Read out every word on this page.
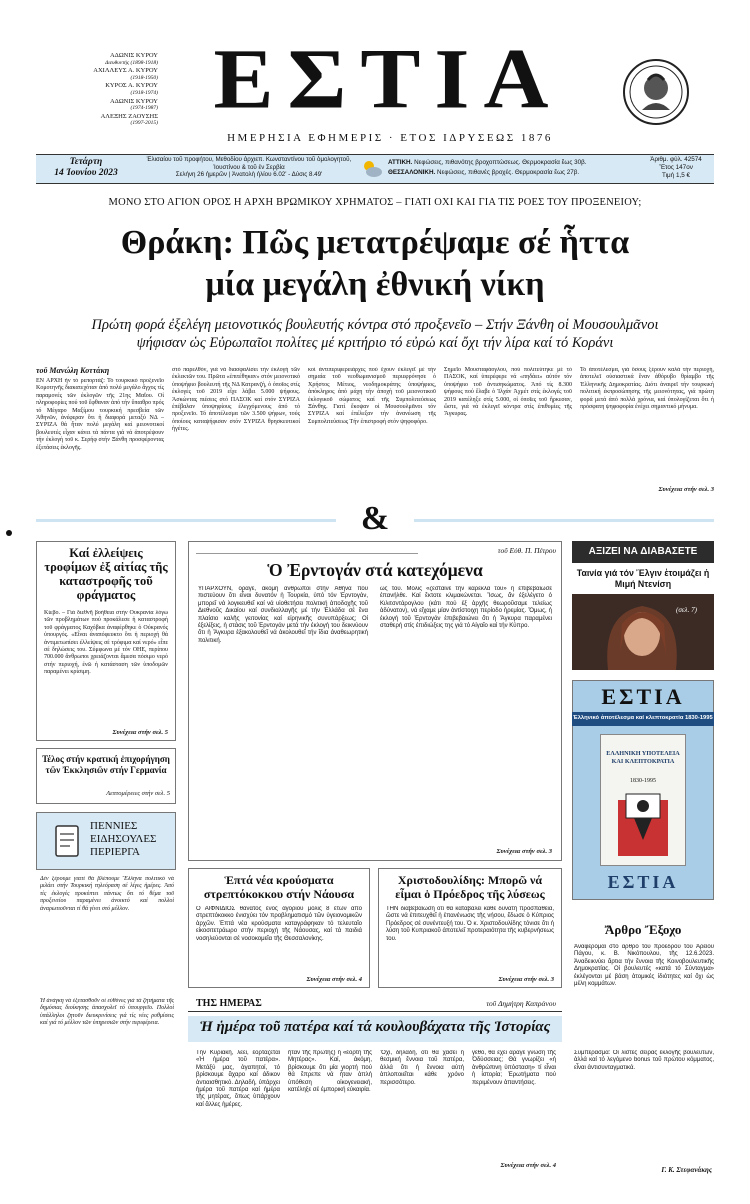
ΑΔΩΝΙΣ ΚΥΡΟΥ
Διευθυντής (1898-1918)
ΑΧΙΛΛΕΥΣ Α. ΚΥΡΟΥ
(1918-1950)
ΚΥΡΟΣ Α. ΚΥΡΟΥ
(1918-1974)
ΑΔΩΝΙΣ ΚΥΡΟΥ
(1974-1987)
ΑΛΕΞΗΣ ΖΑΟΥΣΗΣ
(1997-2015) ΕΣΤΙΑ
ΗΜΕΡΗΣΙΑ ΕΦΗΜΕΡΙΣ · ΕΤΟΣ ΙΔΡΥΣΕΩΣ 1876
Τετάρτη
14 Ἰουνίου 2023
Ἑλισαίου τοῦ προφήτου, Μεθοδίου ἀρχιεπ. Κωνσταντίνου τοῦ ὁμολογητοῦ, Ἰουστίνου & τοῦ ἐν Σερβία
Σελήνη 26 ἡμερῶν | Ἀνατολὴ ἡλίου 6.02' - Δύσις 8.49'
ΑΤΤΙΚΗ. Νεφώσεις, πιθανότης βροχοπτώσεως. Θερμοκρασία ἕως 30β.
ΘΕΣΣΑΛΟΝΙΚΗ. Νεφώσεις, πιθανές βροχές. Θερμοκρασία ἕως 27β.
Ἀριθμ. φύλ. 42574
Ἔτος 147ον
Τιμή 1,5 €
ΜΟΝΟ ΣΤΟ ΑΓΙΟΝ ΟΡΟΣ Η ΑΡΧΗ ΒΡΩΜΙΚΟΥ ΧΡΗΜΑΤΟΣ – ΓΙΑΤΙ ΟΧΙ ΚΑΙ ΓΙΑ ΤΙΣ ΡΟΕΣ ΤΟΥ ΠΡΟΞΕΝΕΙΟΥ;
Θράκη: Πῶς μετατρέψαμε σέ ἧττα
μία μεγάλη ἐθνική νίκη
Πρώτη φορά ἐξελέγη μειονοτικός βουλευτής κόντρα στό προξενεῖο – Στήν Ξάνθη οἱ Μουσουλμᾶνοι ψήφισαν ὡς Εὐρωπαῖοι πολίτες μέ κριτήριο τό εὐρώ καί ὄχι τήν λίρα καί τό Κοράνι
τοῦ Μανώλη Κοττάκη
ΕΝ ΑΡΧΗ ἦν τό ρεπορτάζ: Τό τουρκικό προξενεῖο Κομοτηνῆς διακατεχόταν ἀπό πολύ μεγάλο ἄγχος τίς παραμονές τῶν ἐκλογῶν τῆς 21ης Μαΐου. Οἱ πληροφορίες πού τοῦ ἔφθαναν ἀπό τήν ὕπαιθρο πρός τό Μέγαρο Μαξίμου τουρκική πρεσβεία τῶν Ἀθηνῶν, ἀνέφεραν ὅτι ἡ διαφορά μεταξύ ΝΔ – ΣΥΡΙΖΑ θά ἦταν πολύ μεγάλη καί μειονοτικοί βουλευτές εἶχαν κάνει τά πάντα γιά νά ἀποτρέψουν τήν ἐκλογή τοῦ κ. Σερήφ στήν Ξάνθη προσφέροντας ἐξετάσεις ἐκλογῆς.
στό παρελθόν, γιά νά διασφαλίσει τήν ἐκλογή τῶν ἐκλεκτῶν του. Πρῶτα «ἐπιτέθηκαν» στόν μειονοτικό ὑποψήφιο βουλευτή τῆς ΝΔ Κατρανζή, ὁ ὁποῖος στίς ἐκλογές τοῦ 2019 εἶχε λάβει 5.000 ψήφους. Ἀσκώντας πιέσεις στό ΠΑΣΟΚ καί στόν ΣΥΡΙΖΑ ἐπέβαλαν ὑποψηφίους ἐλεγχόμενους ἀπό τό προξενεῖο. Τό ἀποτέλεσμα τῶν 3.500 ψήφων, τούς ὁποίους καταψήφισαν στόν ΣΥΡΙΖΑ θρησκευτικοί ἡγέτες.
κοί ἀντιπεριφερειάρχες πού ἔχουν ἐκλεγεῖ μέ τήν σημαία τοῦ νεοθωμανισμοῦ περιεφρόνησε ὁ Χρήστος Μέτιος, νεοδημοκράτης ὑποψήφιος, ἀπόκληρος ἀπό μάχη τήν ἀποχή τοῦ μειονοτικοῦ ἐκλογικοῦ σώματος καί τῆς Συμπολιτεύσεως Ξάνθης. Γιατί ἔκοψαν οἱ Μουσουλμᾶνοι τόν ΣΥΡΙΖΑ καί ἐπέλεξαν τήν ἀνανέωση τῆς Συμπολιτεύσεως Τήν ἐπιστροφή στόν ψηφοφόρο.
Σημεῖο Μουσταφάογλου, πού πολιτεύτηκε μέ τό ΠΑΣΟΚ, καί ὑπερέφερε νά «πηδάει» αὐτόν τόν ὑποψήφιο τοῦ ἀντισηκώματος. Ἀπό τίς 8.300 ψήφους πού ἔλαβε ὁ Ἰλχάν Ἀχμέτ στίς ἐκλογές τοῦ 2019 κατέληξε στίς 5.000, οἱ ὁποῖες τοῦ ἤρκεσαν, ὥστε, γιά νά ἐκλεγεῖ κόντρα στίς ἐπιθυμίες τῆς Ἄγκυρας.
Τό ἀποτέλεσμα, γιά ὅσους ξέρουν καλά τήν περιοχή, ἀποτελεῖ οὐσιαστικά ἕναν ἀθόρυβο θρίαμβο τῆς Ἑλληνικῆς Δημοκρατίας. Διότι ἀναιρεῖ τήν τουρκική πολιτική ἐκπροσώπησης τῆς μειονότητας, γιά πρώτη φορά μετά ἀπό πολλά χρόνια, καί ὑπολογίζεται ὅτι ἡ πρόσφατη ψηφοφορία ἐνέχει σημαντικό μήνυμα.
Συνέχεια στήν σελ. 3
&
Καί ἐλλείψεις τροφίμων ἐξ αἰτίας τῆς καταστροφῆς τοῦ φράγματος
Κίεβο. – Γιά διεθνῆ βοήθεια στήν Ουκρανία λόγω τῶν προβλημάτων πού προκάλεσε ἡ καταστροφή τοῦ φράγματος Καχόβκα ἀναφέρθηκε ὁ Οὐκρανός ὑπουργός. «Εἶναι ἀναπόφευκτο ὅτι ἡ περιοχή θά ἀντιμετωπίσει ἐλλείψεις σέ τρόφιμα καί νερό» εἶπε σέ δηλώσεις του. Σύμφωνα μέ τόν ΟΗΕ, περίπου 700.000 ἄνθρωποι χρειάζονται ἄμεσα πόσιμο νερό στήν περιοχή, ἐνῶ ἡ κατάσταση τῶν ὑποδομῶν παραμένει κρίσιμη.
Συνέχεια στήν σελ. 5
Τέλος στήν κρατική ἐπιχορήγηση τῶν Ἐκκλησιῶν στήν Γερμανία
Λεπτομέρειες στήν σελ. 5
ΠΕΝΝΙΕΣ ΕΙΔΗΣΟΥΛΕΣ ΠΕΡΙΕΡΓΑ
Δέν ξέρουμε γιατί θά βλέπουμε Ἕλληνα πολιτικό νά μιλάει στήν Τουρκική τηλεόραση σέ λίγες ἡμέρες. Ἀπό τίς ἐκλογές προκύπτει πάντως ὅτι τό θέμα τοῦ προξενείου παραμένει ἀνοικτό καί πολλοί ἀναρωτιοῦνται τί θά γίνει στό μέλλον.
Ἡ ἀνάγκη νά ἐξετασθοῦν οἱ εὐθύνες γιά τά ζητήματα τῆς δημόσιας διοίκησης ἀπασχολεῖ τό ὑπουργεῖο. Πολλοί ὑπάλληλοι ζητοῦν διευκρινίσεις γιά τίς νέες ρυθμίσεις καί γιά τό μέλλον τῶν ὑπηρεσιῶν στήν περιφέρεια.
τοῦ Εὐθ. Π. Πέτρου
Ὁ Ἐρντογάν στά κατεχόμενα
ΥΠΑΡΧΟΥΝ, ὅραγε, ἀκόμη ἄνθρωποι στήν Ἀθήνα πού πιστεύουν ὅτι εἶναι δυνατόν ἡ Τουρκία, ὑπό τόν Ἐρντογάν, μπορεῖ νά λογικευθεῖ καί νά υἱοθετήσει πολιτική ἀποδοχῆς τοῦ Διεθνοῦς Δικαίου καί συνδιαλλαγῆς μέ τήν Ἑλλάδα σέ ἕνα πλαίσιο καλῆς γειτονίας καί εἰρηνικῆς συνυπάρξεως; Οἱ ἐξελίξεις, ἡ στάσις τοῦ Ἐρντογάν μετά τήν ἐκλογή του δεικνύουν ὅτι ἡ Ἄγκυρα ἐξακολουθεῖ νά ἀκολουθεῖ τήν ἴδια ἀναθεωρητική πολιτική.
ὡς τοῦ. Μόλις «ζέσταινε τήν καρέκλα του» ἡ ἐπιβεβαίωσε ἐπανήλθε. Καί ἔκτοτε κλιμακώνεται. Ἴσως, ἄν ἐξελέγετο ὁ Κιλιτσντάρογλου (κάτι πού ἐξ ἀρχῆς θεωροῦσαμε τελείως ἀδύνατον), νά εἴχαμε μίαν ἀντίστοιχη περίοδο ἠρεμίας. Ὅμως, ἡ ἐκλογή τοῦ Ἐρντογάν ἐπιβεβαιώνει ὅτι ἡ Ἄγκυρα παραμένει σταθερή στίς ἐπιδιώξεις της γιά τό Αἰγαῖο καί τήν Κύπρο.
Συνέχεια στήν σελ. 3
Ἑπτά νέα κρούσματα στρεπτόκοκκου στήν Νάουσα
Ο ΑΙΦΝΙΔΙΟΣ θάνατος ἑνός ἀγοριοῦ μόλις 8 ἐτῶν ἀπό στρεπτόκοκκο ἐνισχύει τόν προβληματισμό τῶν ὑγειονομικῶν ἀρχῶν. Ἐπτά νέα κρούσματα καταγράφηκαν τό τελευταῖο εἰκοσιτετράωρο στήν περιοχή τῆς Νάουσας, καί τά παιδιά νοσηλεύονται σέ νοσοκομεῖα τῆς Θεσσαλονίκης.
Συνέχεια στήν σελ. 4
Χριστοδουλίδης: Μπορῶ νά εἶμαι ὁ Πρόεδρος τῆς λύσεως
ΤΗΝ διαβεβαίωση ὅτι θά καταβάλει κάθε δυνατή προσπάθεια, ὥστε νά ἐπιτευχθεῖ ἡ ἐπανένωσις τῆς νήσου, ἔδωσε ὁ Κύπριος Πρόεδρος σέ συνέντευξή του. Ὁ κ. Χριστοδουλίδης τόνισε ὅτι ἡ λύση τοῦ Κυπριακοῦ ἀποτελεῖ προτεραιότητα τῆς κυβερνήσεως του.
Συνέχεια στήν σελ. 3
ΤΗΣ ΗΜΕΡΑΣ	τοῦ Δημήτρη Καπράνου
Ἡ ἡμέρα τοῦ πατέρα καί τά κουλουβάχατα τῆς Ἱστορίας
Τήν Κυριακή, λέει, ἑορτάζεται «Ἡ ἡμέρα τοῦ πατέρα». Μετάξύ μας, ἀγαπητοί, τό βρίσκουμε ἄχαρο καί ἀδικον ἀντιαισθητικό. Δηλαδή, ὑπάρχει ἡμέρα τοῦ πατέρα καί ἡμέρα τῆς μητέρας, ὅπως ὑπάρχουν καί ἄλλες ἡμέρες.
ἦταν τῆς πρώτης) ἡ «ἑορτή τῆς Μητέρας». Καί, ἀκόμη, βρίσκουμε ὅτι μία γιορτή πού θά ἔπρεπε νά ἦταν ἁπλή ὑπόθεση οἰκογενειακή, κατέληξε σέ ἐμπορική εὐκαιρία.
Ὄχι, δηλαδή, ὅτι θά χάσει ἡ θεσμική ἔννοια τοῦ πατέρα, ἀλλά ὅτι ἡ ἔννοια αὐτή ἀπλοποιεῖται κάθε χρόνο περισσότερο.
γεθο, θά ἔχει ἄραγε γνώση τῆς Ὀδύσσειας; Θά γνωρίζει «ἡ ἀνθρώπινη ὑπόσταση» τί εἶναι ἡ ἱστορία; Ἐρωτήματα πού περιμένουν ἀπαντήσεις.
Συνέχεια στήν σελ. 4
ΑΞΙΖΕΙ ΝΑ ΔΙΑΒΑΣΕΤΕ
Ταινία γιά τόν Ἔλγιν ἑτοιμάζει ἡ Μιμή Ντενίση
(σελ. 7)
ΕΣΤΙΑ
Ἑλληνικό ἀποτέλεσμα καί κλεπτοκρατία 1830-1995
ΕΛΛΗΝΙΚΗ ΥΠΟΤΕΛΕΙΑ ΚΑΙ ΚΛΕΠΤΟΚΡΑΤΙΑ
1830-1995
ΕΣΤΙΑ
Ἄρθρο Ἔξοχο
Ἀναφέρομαι στό ἄρθρο τοῦ προέδρου τοῦ Ἀρείου Πάγου, κ. Β. Νικόπουλου, τῆς 12.6.2023. Ἀναδεικνύει ἄρτια τήν ἔννοια τῆς Κοινοβουλευτικῆς Δημοκρατίας. Οἱ βουλευτές «κατά τό Σύνταγμα» ἐκλέγονται μέ βάση ἀτομικές ἰδιότητες καί ὄχι ὡς μέλη κομμάτων.
Συμπέρασμα: Οἱ λίστες σειρᾶς ἐκλογῆς βουλευτῶν, ἀλλά καί τό λεγόμενο bonus τοῦ πρώτου κόμματος, εἶναι ἀντισυνταγματικά.
Γ. Κ. Στεφανάκης
